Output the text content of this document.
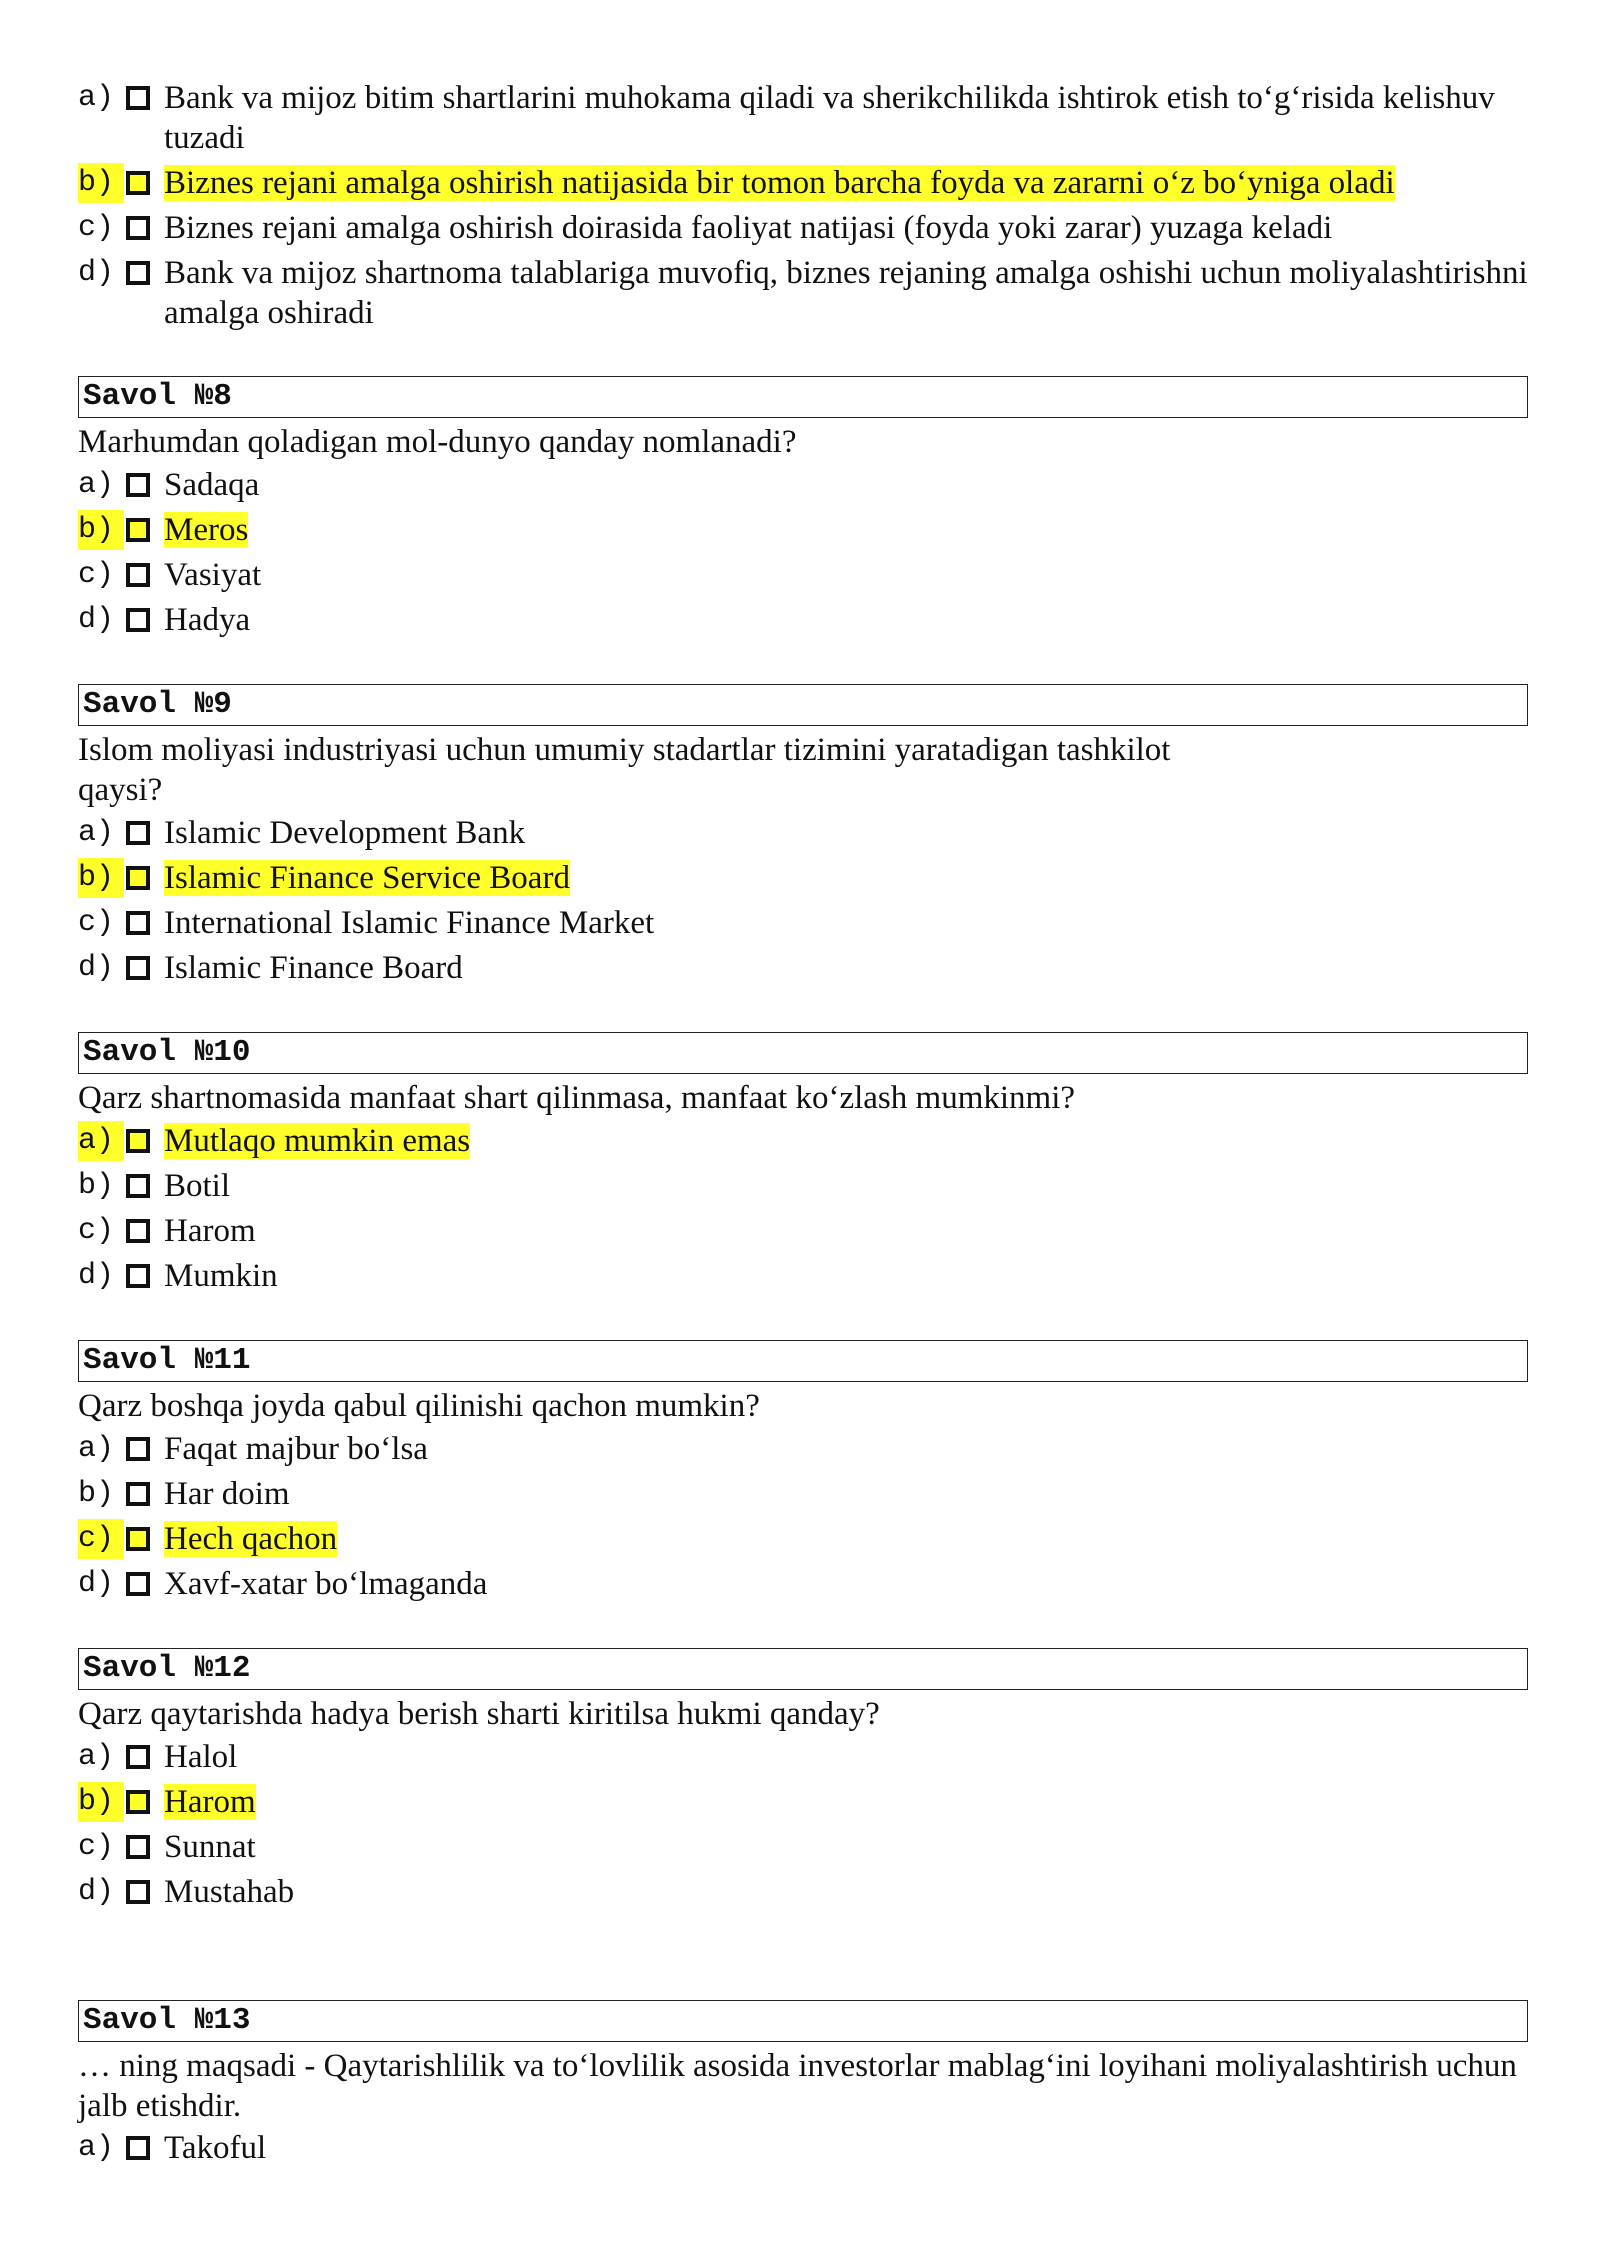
a)	Bank va mijoz bitim shartlarini muhokama qiladi va sherikchilikda ishtirok etish to‘g‘risida kelishuv tuzadi
b)	Biznes rejani amalga oshirish natijasida bir tomon barcha foyda va zararni o‘z bo‘yniga oladi
c)	Biznes rejani amalga oshirish doirasida faoliyat natijasi (foyda yoki zarar) yuzaga keladi
d)	Bank va mijoz shartnoma talablariga muvofiq, biznes rejaning amalga oshishi uchun moliyalashtirishni amalga oshiradi
Savol №8
Marhumdan qoladigan mol-dunyo qanday nomlanadi?
a)	Sadaqa
b)	Meros
c)	Vasiyat
d)	Hadya
Savol №9
Islom moliyasi industriyasi uchun umumiy stadartlar tizimini yaratadigan tashkilot
qaysi?
a)	Islamic Development Bank
b)	Islamic Finance Service Board
c)	International Islamic Finance Market
d)	Islamic Finance Board
Savol №10
Qarz shartnomasida manfaat shart qilinmasa, manfaat ko‘zlash mumkinmi?
a)	Mutlaqo mumkin emas
b)	Botil
c)	Harom
d)	Mumkin
Savol №11
Qarz boshqa joyda qabul qilinishi qachon mumkin?
a)	Faqat majbur bo‘lsa
b)	Har doim
c)	Hech qachon
d)	Xavf-xatar bo‘lmaganda
Savol №12
Qarz qaytarishda hadya berish sharti kiritilsa hukmi qanday?
a)	Halol
b)	Harom
c)	Sunnat
d)	Mustahab
Savol №13
… ning maqsadi - Qaytarishlilik va to‘lovlilik asosida investorlar mablag‘ini loyihani moliyalashtirish uchun jalb etishdir.
a)	Takoful
